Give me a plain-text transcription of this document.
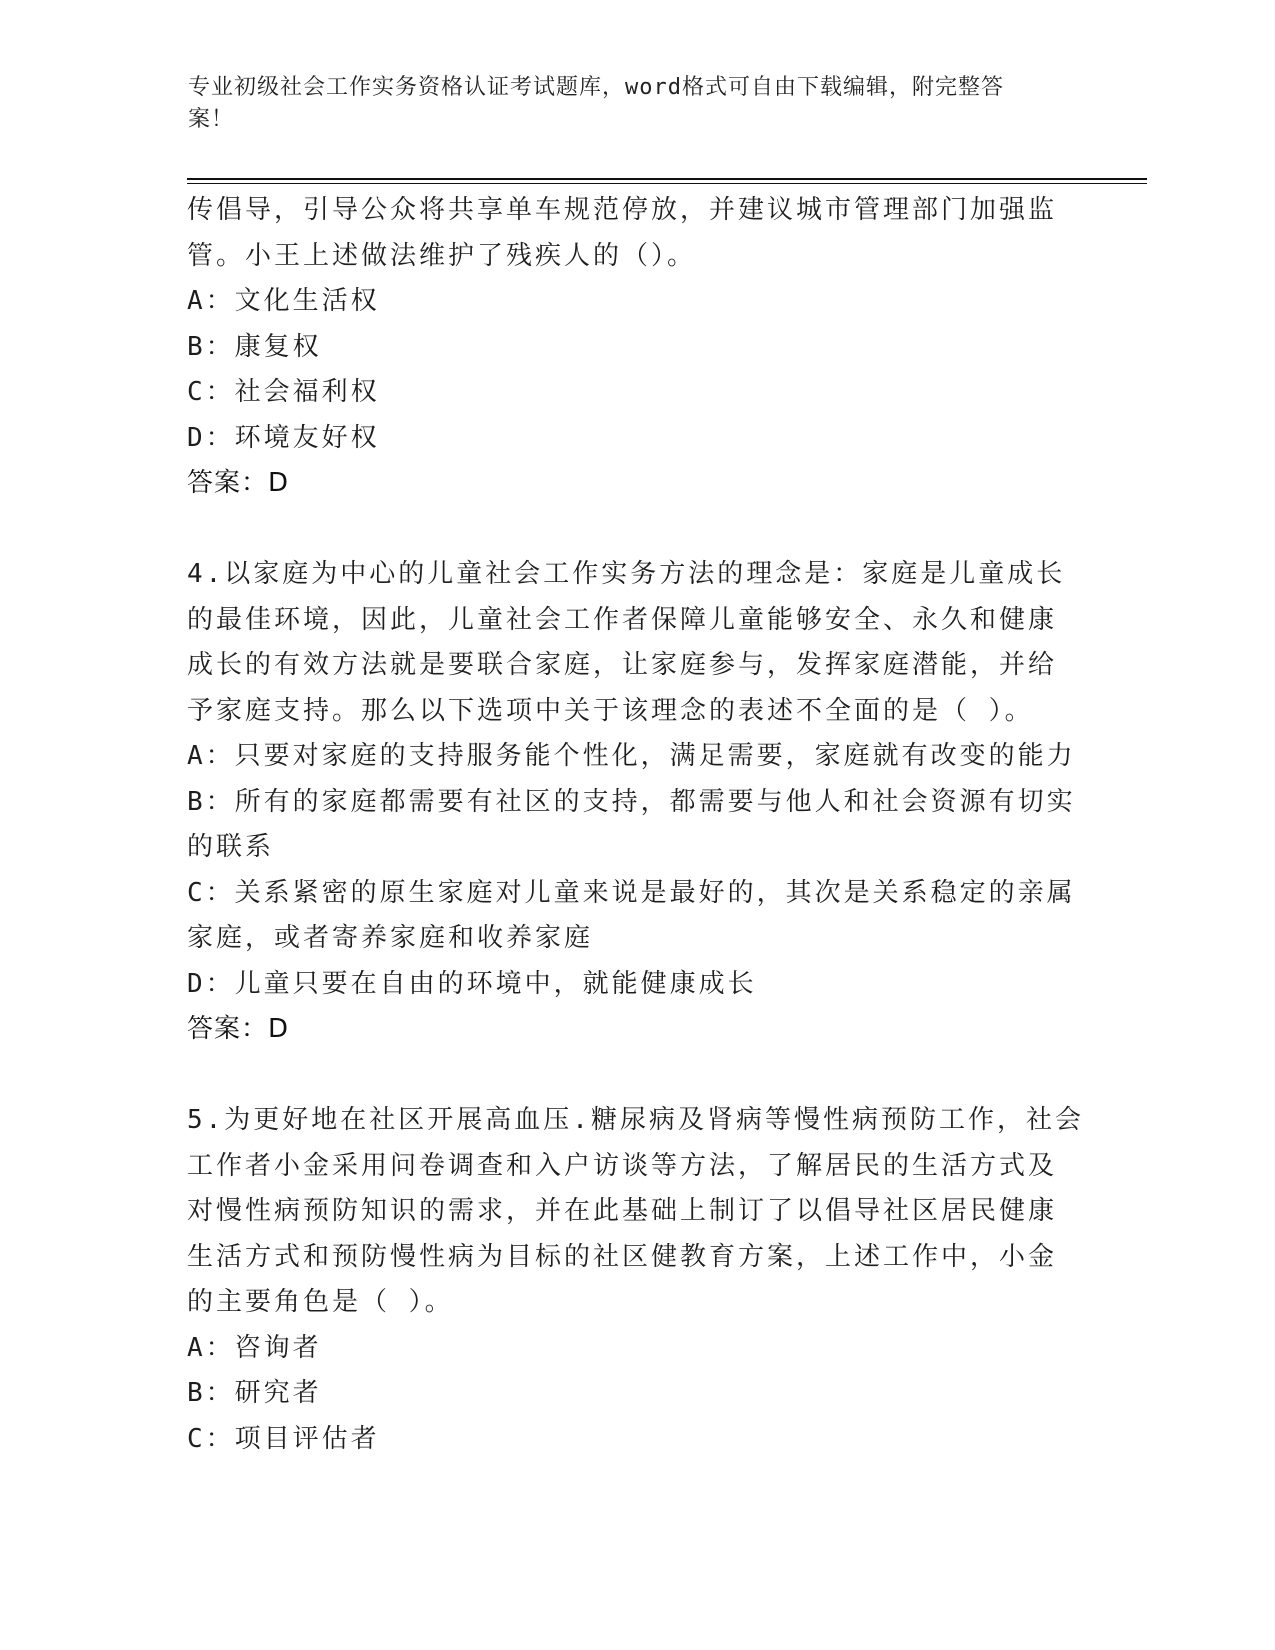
专业初级社会工作实务资格认证考试题库，word格式可自由下载编辑，附完整答
案！
传倡导，引导公众将共享单车规范停放，并建议城市管理部门加强监
管。小王上述做法维护了残疾人的（）。
A：文化生活权
B：康复权
C：社会福利权
D：环境友好权
答案：D
4.以家庭为中心的儿童社会工作实务方法的理念是：家庭是儿童成长
的最佳环境，因此，儿童社会工作者保障儿童能够安全、永久和健康
成长的有效方法就是要联合家庭，让家庭参与，发挥家庭潜能，并给
予家庭支持。那么以下选项中关于该理念的表述不全面的是（ ）。
A：只要对家庭的支持服务能个性化，满足需要，家庭就有改变的能力
B：所有的家庭都需要有社区的支持，都需要与他人和社会资源有切实
的联系
C：关系紧密的原生家庭对儿童来说是最好的，其次是关系稳定的亲属
家庭，或者寄养家庭和收养家庭
D：儿童只要在自由的环境中，就能健康成长
答案：D
5.为更好地在社区开展高血压.糖尿病及肾病等慢性病预防工作，社会
工作者小金采用问卷调查和入户访谈等方法，了解居民的生活方式及
对慢性病预防知识的需求，并在此基础上制订了以倡导社区居民健康
生活方式和预防慢性病为目标的社区健教育方案，上述工作中，小金
的主要角色是（ ）。
A：咨询者
B：研究者
C：项目评估者
